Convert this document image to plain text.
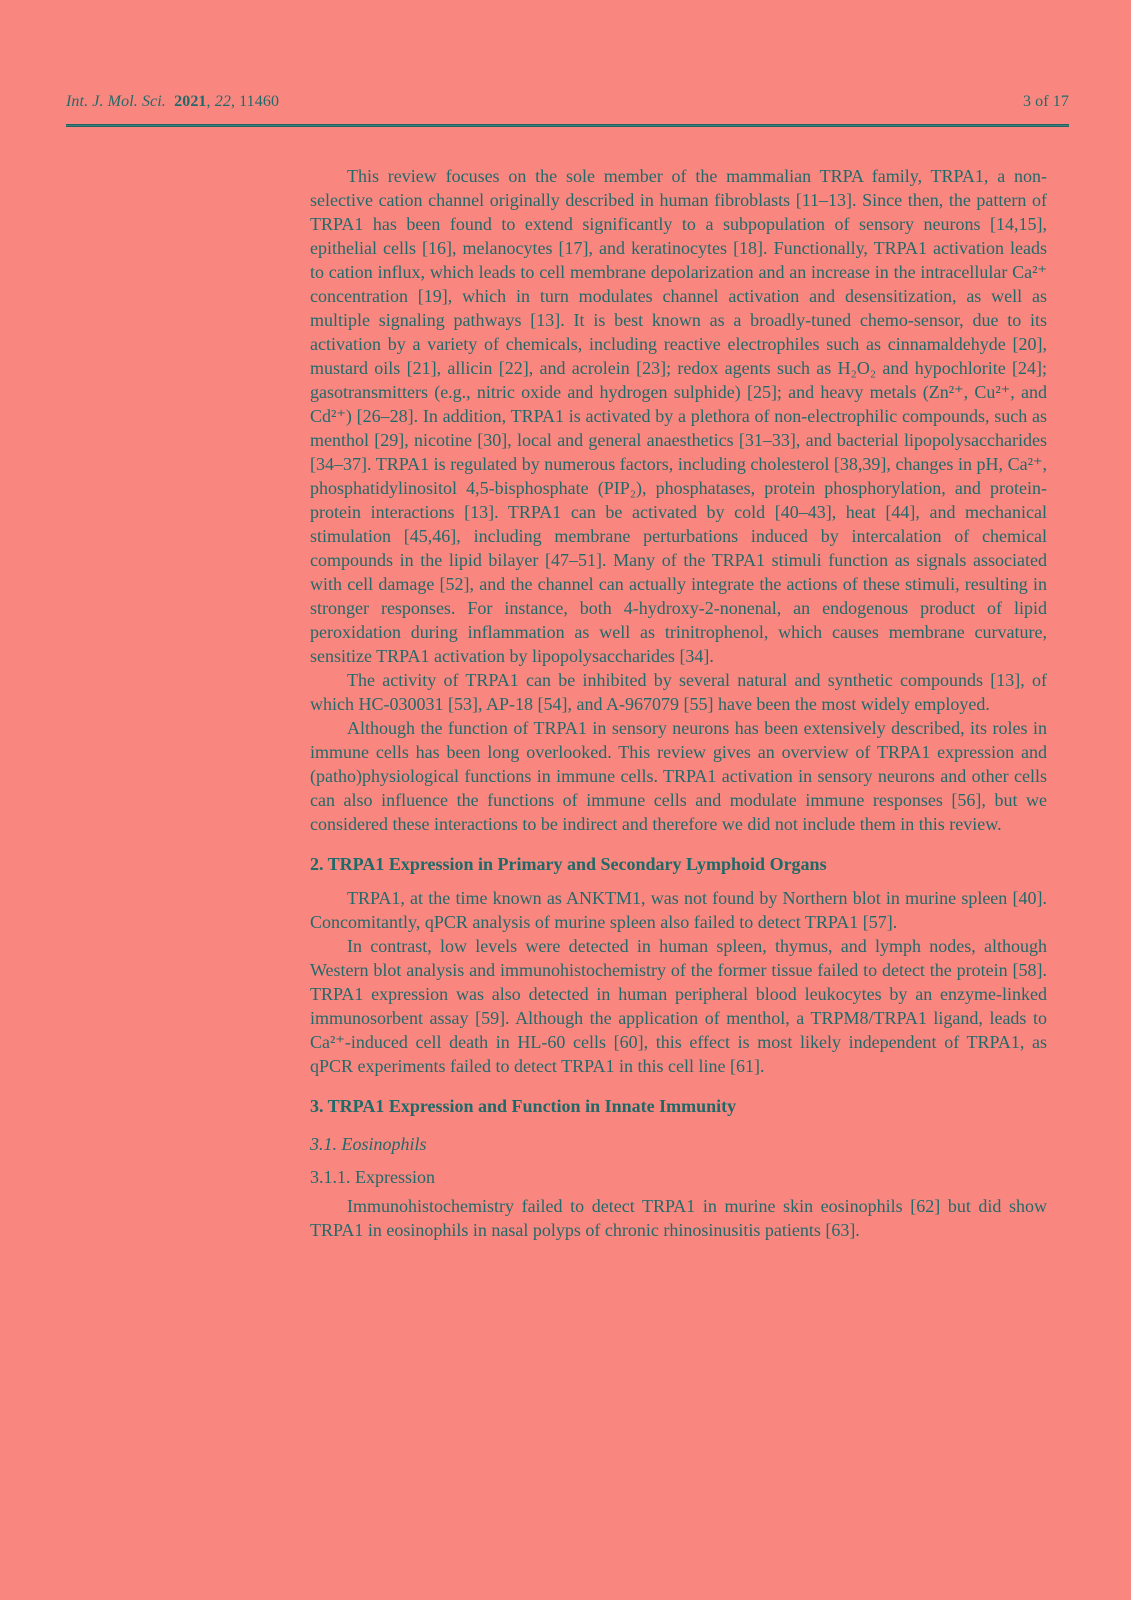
Int. J. Mol. Sci. 2021, 22, 11460	3 of 17

This review focuses on the sole member of the mammalian TRPA family, TRPA1, a non-selective cation channel originally described in human fibroblasts [11–13]. Since then, the pattern of TRPA1 has been found to extend significantly to a subpopulation of sensory neurons [14,15], epithelial cells [16], melanocytes [17], and keratinocytes [18]. Functionally, TRPA1 activation leads to cation influx, which leads to cell membrane depolarization and an increase in the intracellular Ca²⁺ concentration [19], which in turn modulates channel activation and desensitization, as well as multiple signaling pathways [13]. It is best known as a broadly-tuned chemo-sensor, due to its activation by a variety of chemicals, including reactive electrophiles such as cinnamaldehyde [20], mustard oils [21], allicin [22], and acrolein [23]; redox agents such as H₂O₂ and hypochlorite [24]; gasotransmitters (e.g., nitric oxide and hydrogen sulphide) [25]; and heavy metals (Zn²⁺, Cu²⁺, and Cd²⁺) [26–28]. In addition, TRPA1 is activated by a plethora of non-electrophilic compounds, such as menthol [29], nicotine [30], local and general anaesthetics [31–33], and bacterial lipopolysaccharides [34–37]. TRPA1 is regulated by numerous factors, including cholesterol [38,39], changes in pH, Ca²⁺, phosphatidylinositol 4,5-bisphosphate (PIP₂), phosphatases, protein phosphorylation, and protein-protein interactions [13]. TRPA1 can be activated by cold [40–43], heat [44], and mechanical stimulation [45,46], including membrane perturbations induced by intercalation of chemical compounds in the lipid bilayer [47–51]. Many of the TRPA1 stimuli function as signals associated with cell damage [52], and the channel can actually integrate the actions of these stimuli, resulting in stronger responses. For instance, both 4-hydroxy-2-nonenal, an endogenous product of lipid peroxidation during inflammation as well as trinitrophenol, which causes membrane curvature, sensitize TRPA1 activation by lipopolysaccharides [34].

The activity of TRPA1 can be inhibited by several natural and synthetic compounds [13], of which HC-030031 [53], AP-18 [54], and A-967079 [55] have been the most widely employed.

Although the function of TRPA1 in sensory neurons has been extensively described, its roles in immune cells has been long overlooked. This review gives an overview of TRPA1 expression and (patho)physiological functions in immune cells. TRPA1 activation in sensory neurons and other cells can also influence the functions of immune cells and modulate immune responses [56], but we considered these interactions to be indirect and therefore we did not include them in this review.

2. TRPA1 Expression in Primary and Secondary Lymphoid Organs

TRPA1, at the time known as ANKTM1, was not found by Northern blot in murine spleen [40]. Concomitantly, qPCR analysis of murine spleen also failed to detect TRPA1 [57].

In contrast, low levels were detected in human spleen, thymus, and lymph nodes, although Western blot analysis and immunohistochemistry of the former tissue failed to detect the protein [58]. TRPA1 expression was also detected in human peripheral blood leukocytes by an enzyme-linked immunosorbent assay [59]. Although the application of menthol, a TRPM8/TRPA1 ligand, leads to Ca²⁺-induced cell death in HL-60 cells [60], this effect is most likely independent of TRPA1, as qPCR experiments failed to detect TRPA1 in this cell line [61].

3. TRPA1 Expression and Function in Innate Immunity

3.1. Eosinophils

3.1.1. Expression

Immunohistochemistry failed to detect TRPA1 in murine skin eosinophils [62] but did show TRPA1 in eosinophils in nasal polyps of chronic rhinosinusitis patients [63].
